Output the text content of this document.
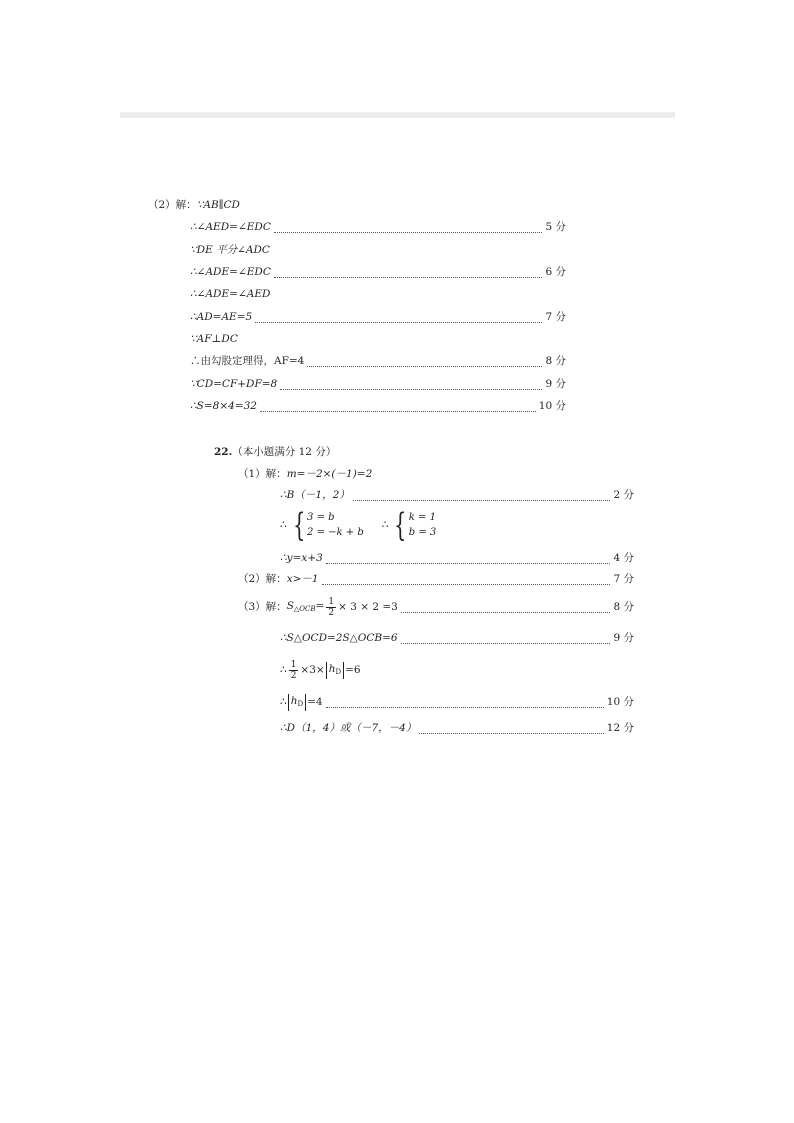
（2）解： ∵AB∥CD
∴∠AED=∠EDC	5 分
∵DE 平分∠ADC
∴∠ADE=∠EDC	6 分
∴∠ADE=∠AED
∴AD=AE=5	7 分
∵AF⊥DC
∴由勾股定理得，AF=4	8 分
∵CD=CF+DF=8	9 分
∴S=8×4=32	10 分
22. （本小题满分 12 分）
（1）解： m=－2×(－1)=2
∴B（－1，2）	2 分
∴ { 3 = b
2 = −k + b
∴ { k = 1
b = 3
∴y=x+3	4 分
（2）解： x>－1	7 分
（3）解： $S_{\triangle OCB}= \frac{1}{2} \times 3 \times 2 =3$	8 分
∴S△OCD=2S△OCB=6	9 分
∴ $\frac{1}{2} \times 3\times h_D =6$
∴ $h_D =4$	10 分
∴D（1，4）或（－7，－4）	12 分
